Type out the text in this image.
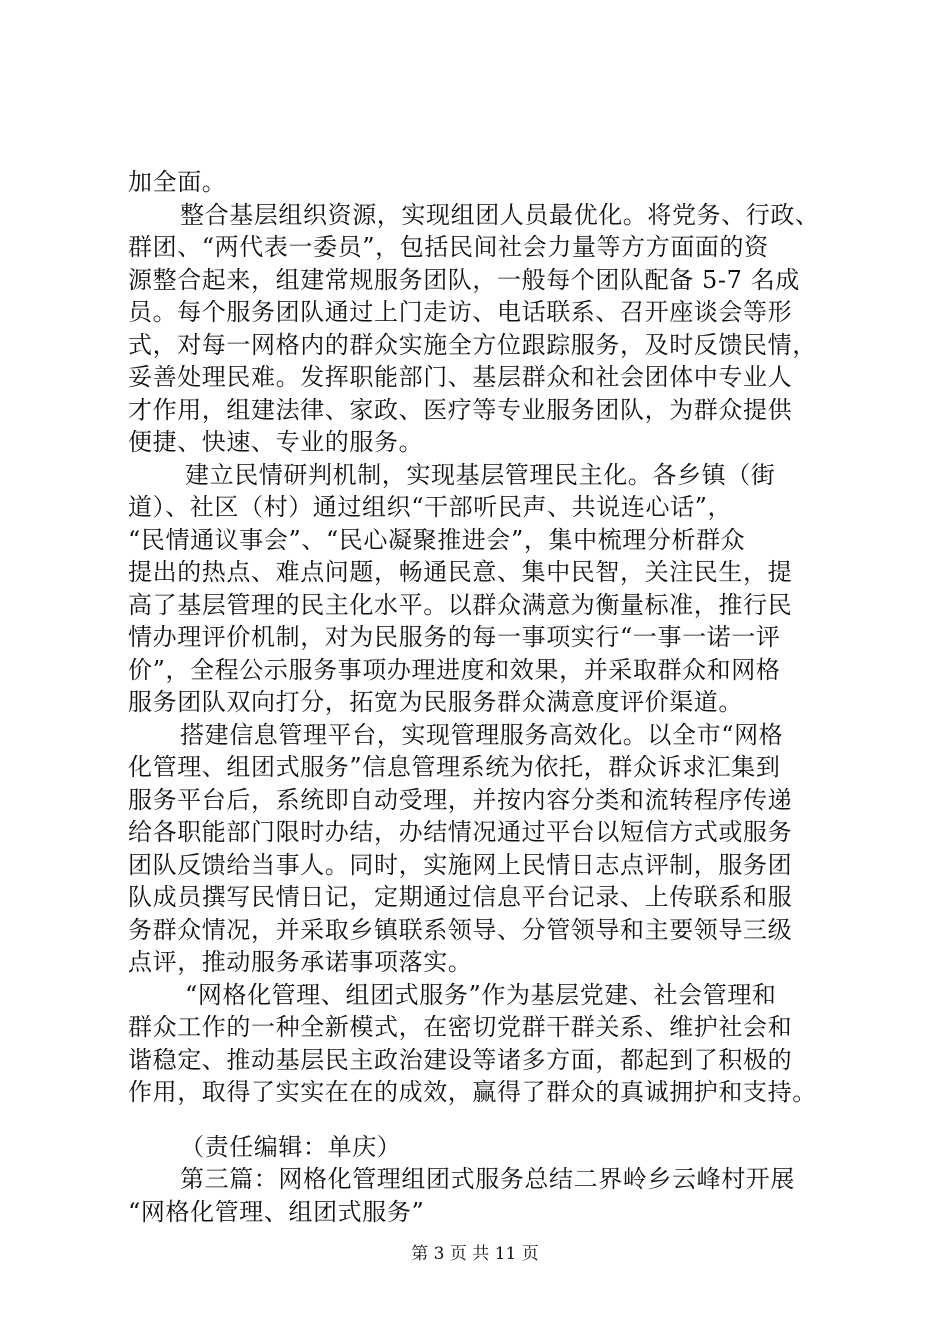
加全面。
整合基层组织资源，实现组团人员最优化。将党务、行政、
群团、“两代表一委员”，包括民间社会力量等方方面面的资
源整合起来，组建常规服务团队，一般每个团队配备 5-7 名成
员。每个服务团队通过上门走访、电话联系、召开座谈会等形
式，对每一网格内的群众实施全方位跟踪服务，及时反馈民情，
妥善处理民难。发挥职能部门、基层群众和社会团体中专业人
才作用，组建法律、家政、医疗等专业服务团队，为群众提供
便捷、快速、专业的服务。
建立民情研判机制，实现基层管理民主化。各乡镇（街
道）、社区（村）通过组织“干部听民声、共说连心话”，
“民情通议事会”、“民心凝聚推进会”，集中梳理分析群众
提出的热点、难点问题，畅通民意、集中民智，关注民生，提
高了基层管理的民主化水平。以群众满意为衡量标准，推行民
情办理评价机制，对为民服务的每一事项实行“一事一诺一评
价”，全程公示服务事项办理进度和效果，并采取群众和网格
服务团队双向打分，拓宽为民服务群众满意度评价渠道。
搭建信息管理平台，实现管理服务高效化。以全市“网格
化管理、组团式服务”信息管理系统为依托，群众诉求汇集到
服务平台后，系统即自动受理，并按内容分类和流转程序传递
给各职能部门限时办结，办结情况通过平台以短信方式或服务
团队反馈给当事人。同时，实施网上民情日志点评制，服务团
队成员撰写民情日记，定期通过信息平台记录、上传联系和服
务群众情况，并采取乡镇联系领导、分管领导和主要领导三级
点评，推动服务承诺事项落实。
“网格化管理、组团式服务”作为基层党建、社会管理和
群众工作的一种全新模式，在密切党群干群关系、维护社会和
谐稳定、推动基层民主政治建设等诸多方面，都起到了积极的
作用，取得了实实在在的成效，赢得了群众的真诚拥护和支持。
（责任编辑：单庆）
第三篇：网格化管理组团式服务总结二界岭乡云峰村开展
“网格化管理、组团式服务”
第 3 页 共 11 页
